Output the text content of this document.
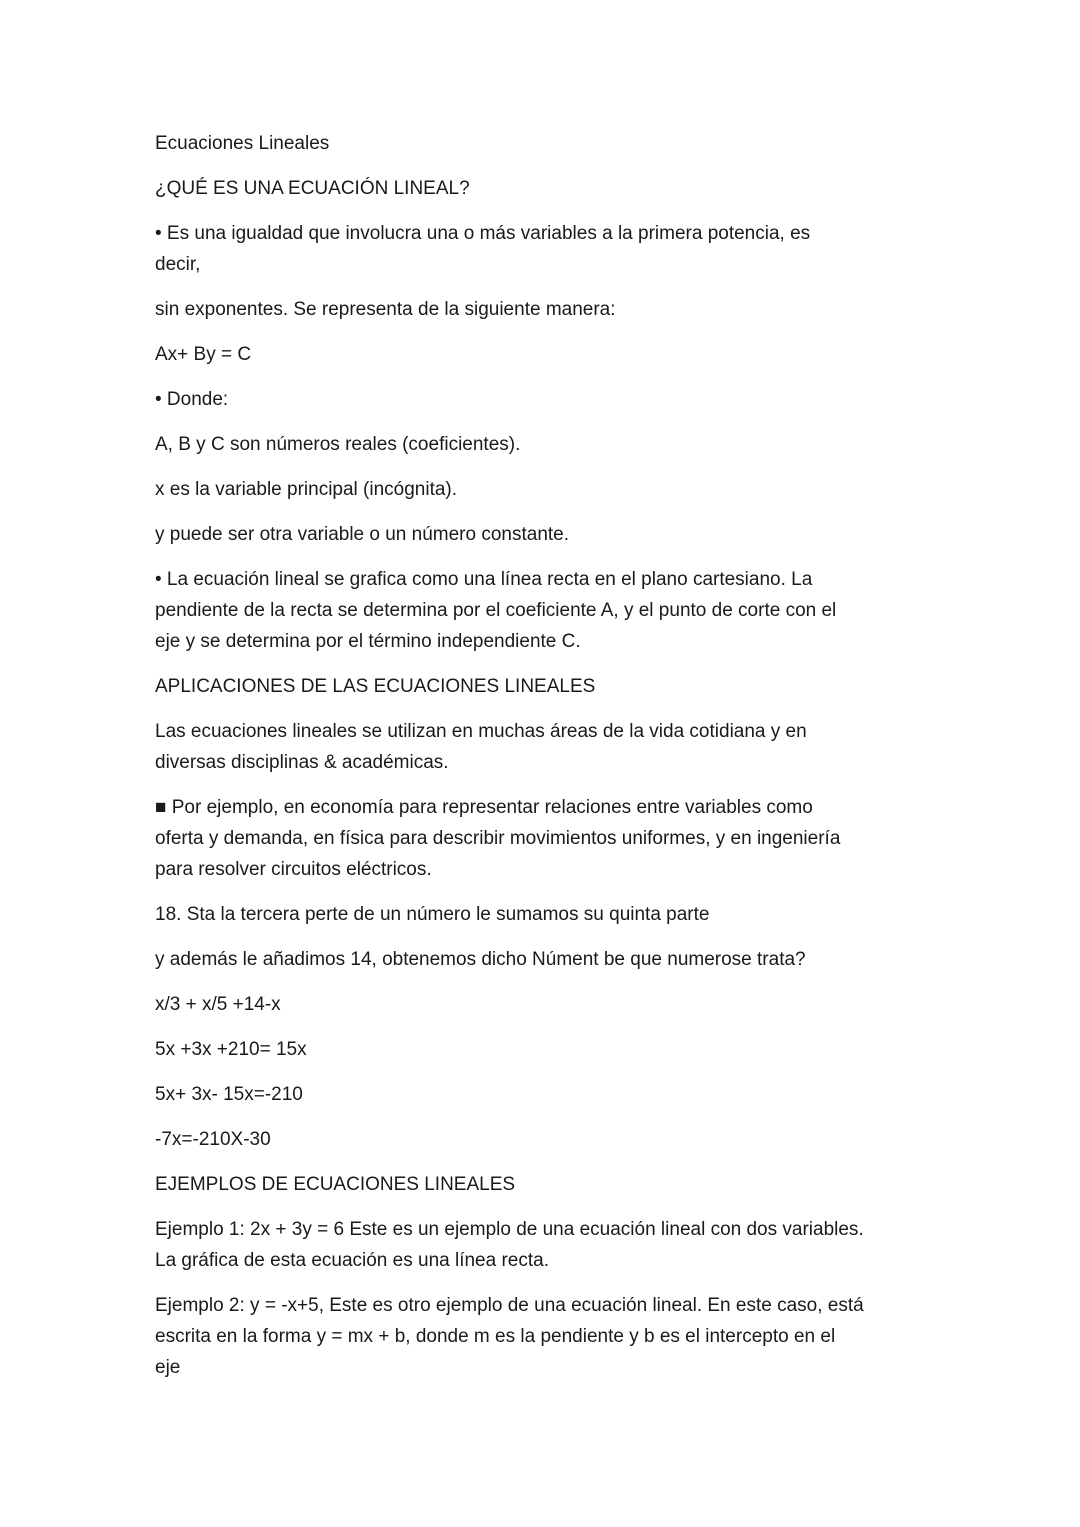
Ecuaciones Lineales

¿QUÉ ES UNA ECUACIÓN LINEAL?

• Es una igualdad que involucra una o más variables a la primera potencia, es
decir,

sin exponentes. Se representa de la siguiente manera:

Ax+ By = C

• Donde:

A, B y C son números reales (coeficientes).

x es la variable principal (incógnita).

y puede ser otra variable o un número constante.

• La ecuación lineal se grafica como una línea recta en el plano cartesiano. La
pendiente de la recta se determina por el coeficiente A, y el punto de corte con el
eje y se determina por el término independiente C.

APLICACIONES DE LAS ECUACIONES LINEALES

Las ecuaciones lineales se utilizan en muchas áreas de la vida cotidiana y en
diversas disciplinas & académicas.

■ Por ejemplo, en economía para representar relaciones entre variables como
oferta y demanda, en física para describir movimientos uniformes, y en ingeniería
para resolver circuitos eléctricos.

18. Sta la tercera perte de un número le sumamos su quinta parte

y además le añadimos 14, obtenemos dicho Núment be que numerose trata?

x/3 + x/5 +14-x

5x +3x +210= 15x

5x+ 3x- 15x=-210

-7x=-210X-30

EJEMPLOS DE ECUACIONES LINEALES

Ejemplo 1: 2x + 3y = 6 Este es un ejemplo de una ecuación lineal con dos variables.
La gráfica de esta ecuación es una línea recta.

Ejemplo 2: y = -x+5, Este es otro ejemplo de una ecuación lineal. En este caso, está
escrita en la forma y = mx + b, donde m es la pendiente y b es el intercepto en el
eje
